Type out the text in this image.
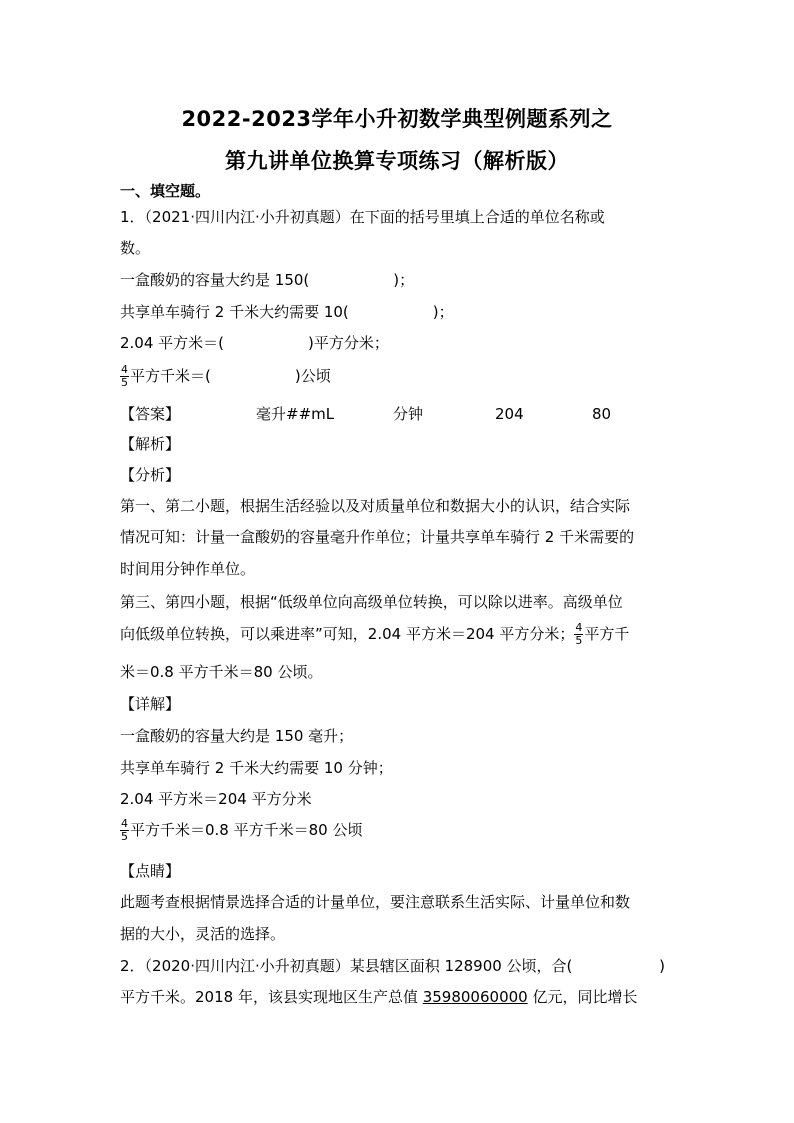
2022-2023学年小升初数学典型例题系列之
第九讲单位换算专项练习（解析版）
一、填空题。
1．（2021·四川内江·小升初真题）在下面的括号里填上合适的单位名称或
数。
一盒酸奶的容量大约是 150(	)；
共享单车骑行 2 千米大约需要 10(	)；
2.04 平方米＝(	)平方分米；
$\frac{4}{5}$ 平方千米＝(	)公顷
【答案】	毫升##mL	分钟	204	80
【解析】
【分析】
第一、第二小题，根据生活经验以及对质量单位和数据大小的认识，结合实际
情况可知：计量一盒酸奶的容量毫升作单位；计量共享单车骑行 2 千米需要的
时间用分钟作单位。
第三、第四小题，根据“低级单位向高级单位转换，可以除以进率。高级单位
向低级单位转换，可以乘进率”可知，2.04 平方米＝204 平方分米； $\frac{4}{5}$ 平方千
米＝0.8 平方千米＝80 公顷。
【详解】
一盒酸奶的容量大约是 150 毫升；
共享单车骑行 2 千米大约需要 10 分钟；
2.04 平方米＝204 平方分米
$\frac{4}{5}$ 平方千米＝0.8 平方千米＝80 公顷
【点睛】
此题考查根据情景选择合适的计量单位，要注意联系生活实际、计量单位和数
据的大小，灵活的选择。
2．（2020·四川内江·小升初真题）某县辖区面积 128900 公顷，合(	)
平方千米。2018 年，该县实现地区生产总值 35980060000 亿元，同比增长
